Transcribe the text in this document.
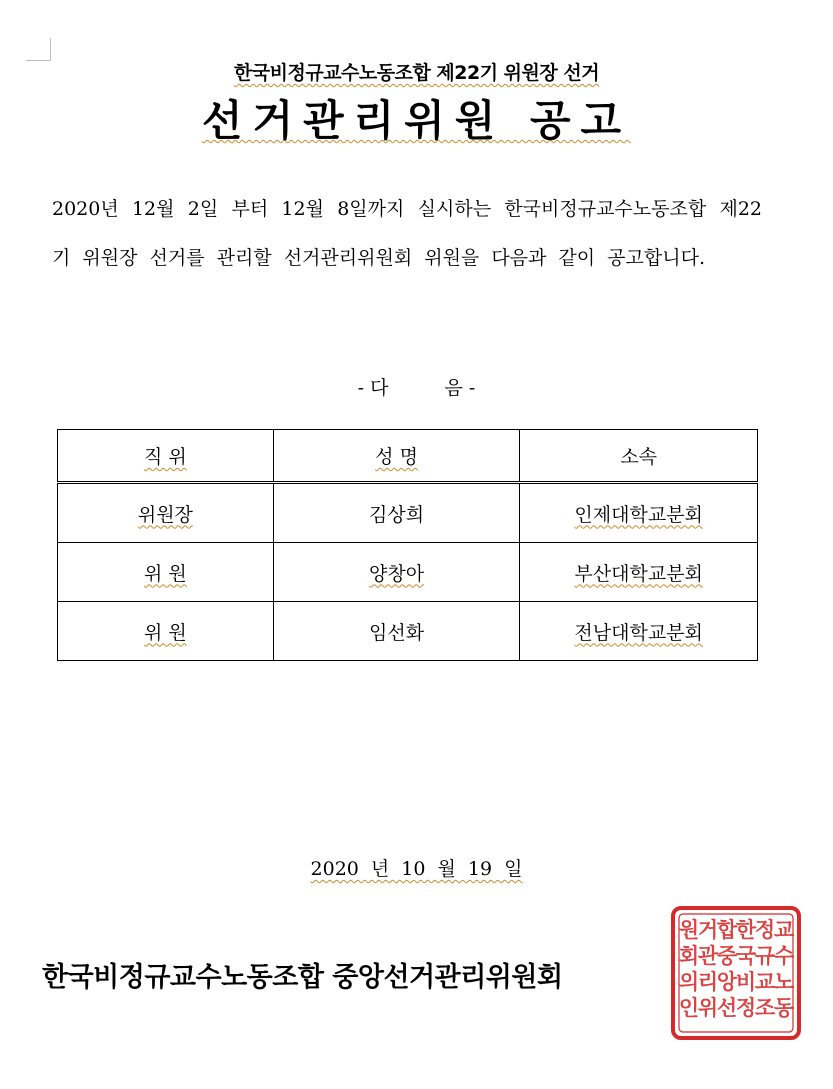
한국비정규교수노동조합 제22기 위원장 선거
선거관리위원 공고
2020년 12월 2일 부터 12월 8일까지 실시하는 한국비정규교수노동조합 제22기 위원장 선거를 관리할 선거관리위원회 위원을 다음과 같이 공고합니다.
- 다	음 -
직 위	성 명	소속
위원장	김상희	인제대학교분회
위 원	양창아	부산대학교분회
위 원	임선화	전남대학교분회
2020 년 10 월 19 일
한국비정규교수노동조합 중앙선거관리위원회
교
수
노
동
정
규
교
조
한
국
비
정
합
중
앙
선
거
관
리
위
원
회
의
인
